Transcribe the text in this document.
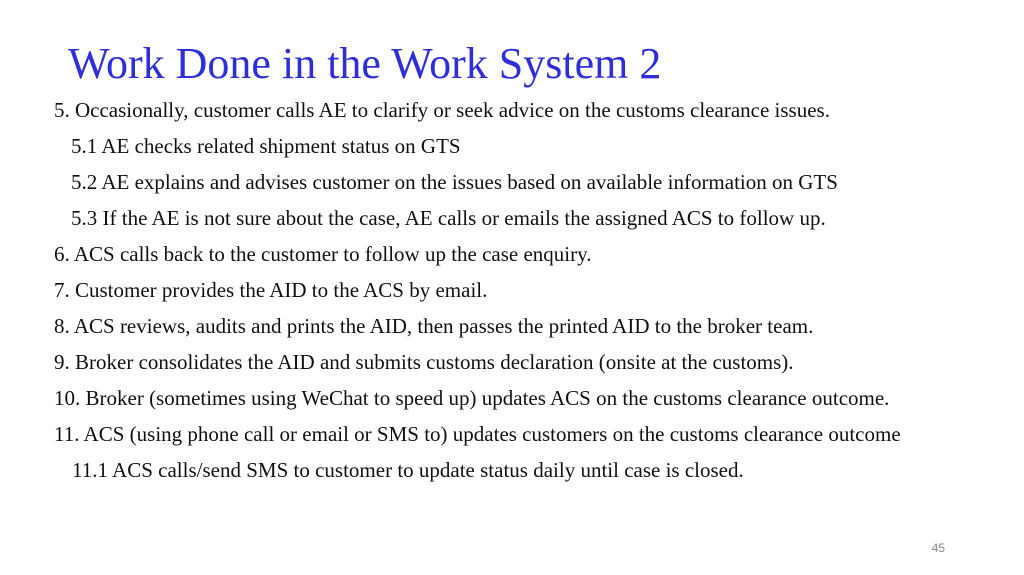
Work Done in the Work System 2

5. Occasionally, customer calls AE to clarify or seek advice on the customs clearance issues.

5.1 AE checks related shipment status on GTS

5.2 AE explains and advises customer on the issues based on available information on GTS

5.3 If the AE is not sure about the case, AE calls or emails the assigned ACS to follow up.

6. ACS calls back to the customer to follow up the case enquiry.

7. Customer provides the AID to the ACS by email.

8. ACS reviews, audits and prints the AID, then passes the printed AID to the broker team.

9. Broker consolidates the AID and submits customs declaration (onsite at the customs).

10. Broker (sometimes using WeChat to speed up) updates ACS on the customs clearance outcome.

11. ACS (using phone call or email or SMS to) updates customers on the customs clearance outcome

11.1 ACS calls/send SMS to customer to update status daily until case is closed.

45
